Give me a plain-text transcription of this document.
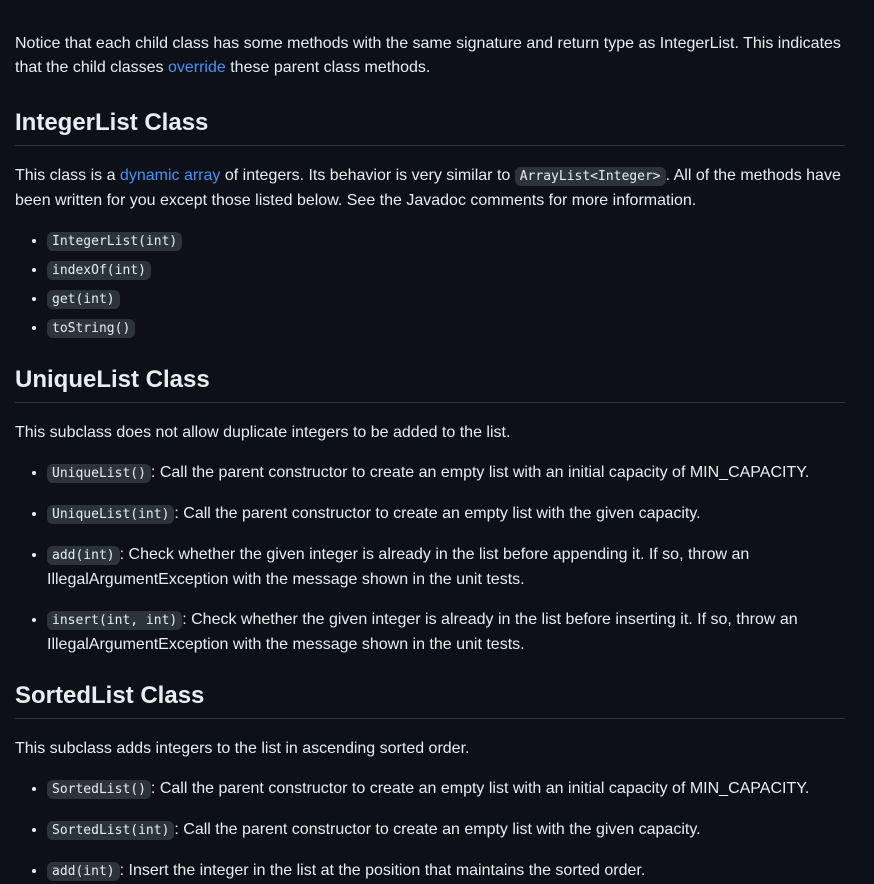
Notice that each child class has some methods with the same signature and return type as IntegerList. This indicates that the child classes override these parent class methods.

IntegerList Class

This class is a dynamic array of integers. Its behavior is very similar to ArrayList<Integer> . All of the methods have been written for you except those listed below. See the Javadoc comments for more information.

• IntegerList(int)
• indexOf(int)
• get(int)
• toString()
UniqueList Class

This subclass does not allow duplicate integers to be added to the list.

• UniqueList() : Call the parent constructor to create an empty list with an initial capacity of MIN_CAPACITY.
• UniqueList(int) : Call the parent constructor to create an empty list with the given capacity.
• add(int) : Check whether the given integer is already in the list before appending it. If so, throw an IllegalArgumentException with the message shown in the unit tests.
• insert(int, int) : Check whether the given integer is already in the list before inserting it. If so, throw an IllegalArgumentException with the message shown in the unit tests.
SortedList Class

This subclass adds integers to the list in ascending sorted order.

• SortedList() : Call the parent constructor to create an empty list with an initial capacity of MIN_CAPACITY.
• SortedList(int) : Call the parent constructor to create an empty list with the given capacity.
• add(int) : Insert the integer in the list at the position that maintains the sorted order.
